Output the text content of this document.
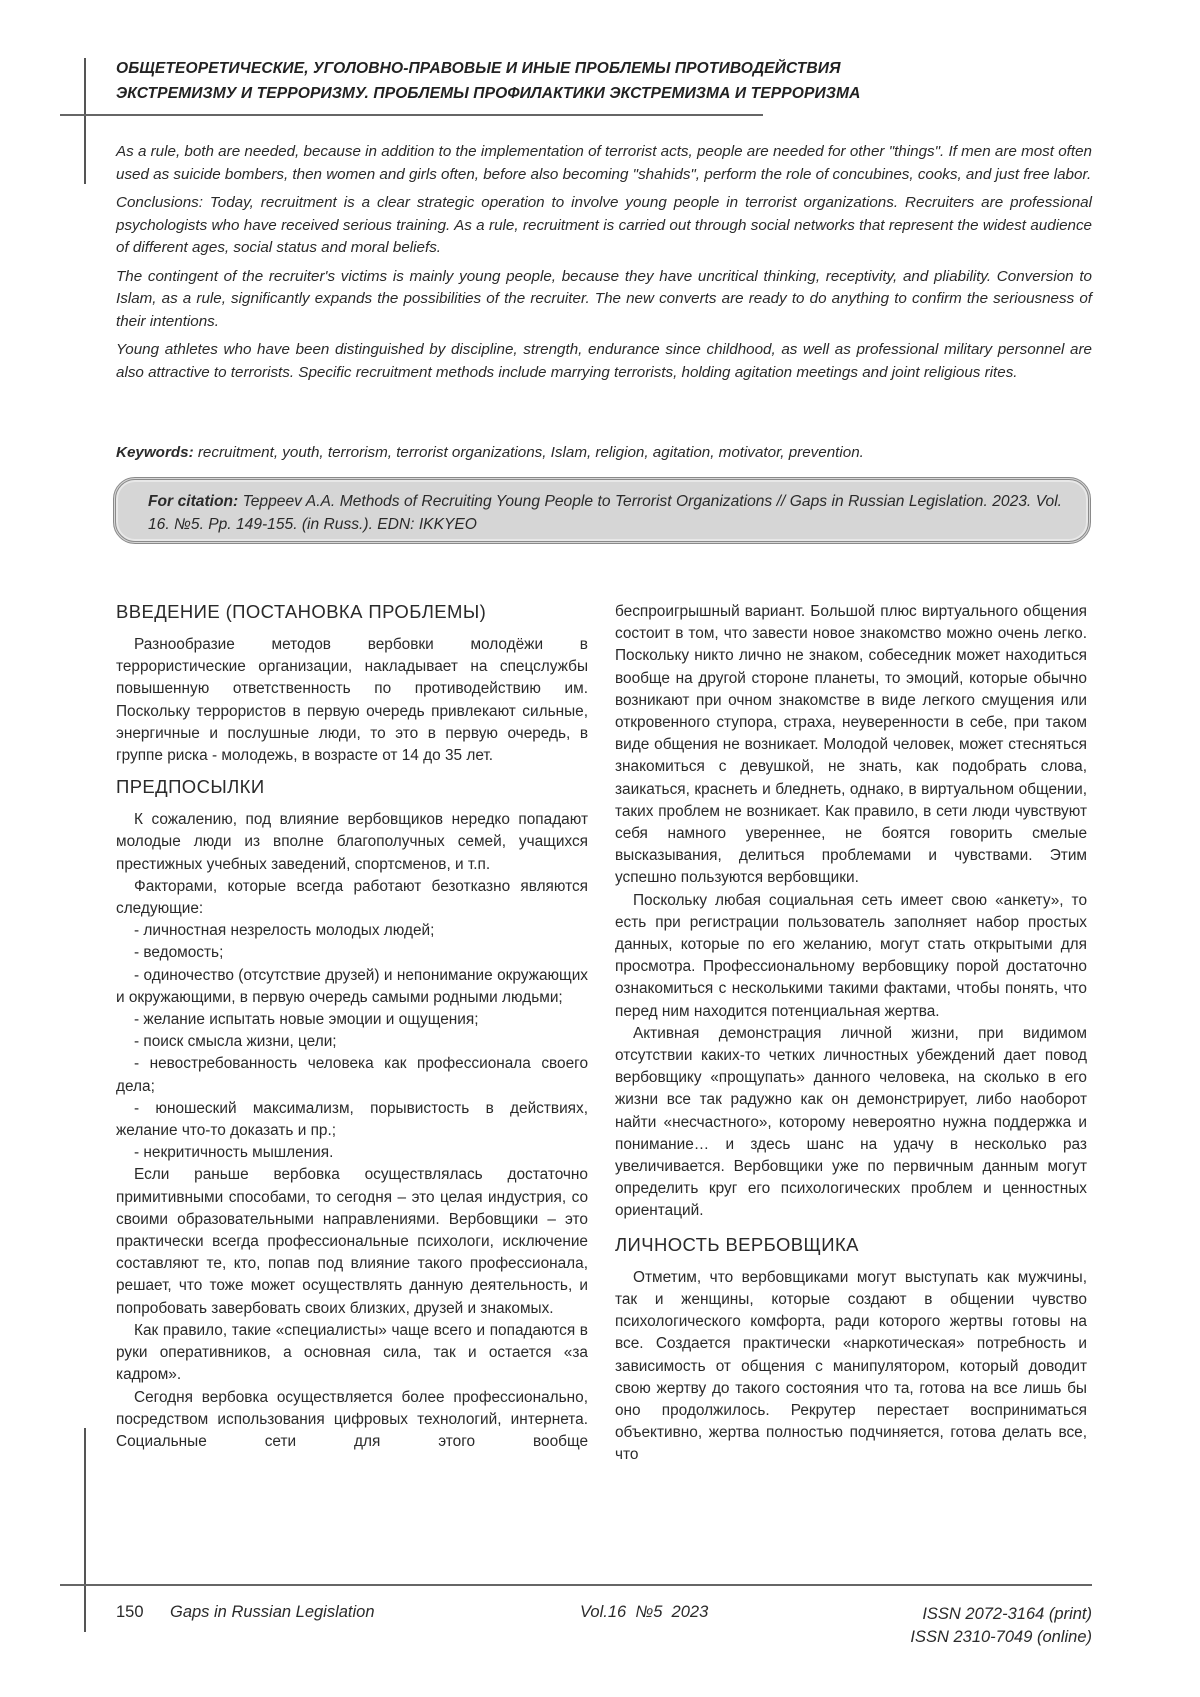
ОБЩЕТЕОРЕТИЧЕСКИЕ, УГОЛОВНО-ПРАВОВЫЕ И ИНЫЕ ПРОБЛЕМЫ ПРОТИВОДЕЙСТВИЯ
ЭКСТРЕМИЗМУ И ТЕРРОРИЗМУ. ПРОБЛЕМЫ ПРОФИЛАКТИКИ ЭКСТРЕМИЗМА И ТЕРРОРИЗМА

As a rule, both are needed, because in addition to the implementation of terrorist acts, people are needed for other "things". If men are most often used as suicide bombers, then women and girls often, before also becoming "shahids", perform the role of concubines, cooks, and just free labor.

Conclusions: Today, recruitment is a clear strategic operation to involve young people in terrorist organizations. Recruiters are professional psychologists who have received serious training. As a rule, recruitment is carried out through social networks that represent the widest audience of different ages, social status and moral beliefs.

The contingent of the recruiter's victims is mainly young people, because they have uncritical thinking, receptivity, and pliability. Conversion to Islam, as a rule, significantly expands the possibilities of the recruiter. The new converts are ready to do anything to confirm the seriousness of their intentions.

Young athletes who have been distinguished by discipline, strength, endurance since childhood, as well as professional military personnel are also attractive to terrorists. Specific recruitment methods include marrying terrorists, holding agitation meetings and joint religious rites.

Keywords: recruitment, youth, terrorism, terrorist organizations, Islam, religion, agitation, motivator, prevention.
For citation: Teppeev A.A. Methods of Recruiting Young People to Terrorist Organizations // Gaps in Russian Legislation. 2023. Vol. 16. №5. Pp. 149-155. (in Russ.). EDN: IKKYEO
ВВЕДЕНИЕ (ПОСТАНОВКА ПРОБЛЕМЫ)

Разнообразие методов вербовки молодёжи в террористические организации, накладывает на спецслужбы повышенную ответственность по противодействию им. Поскольку террористов в первую очередь привлекают сильные, энергичные и послушные люди, то это в первую очередь, в группе риска - молодежь, в возрасте от 14 до 35 лет.

ПРЕДПОСЫЛКИ

К сожалению, под влияние вербовщиков нередко попадают молодые люди из вполне благополучных семей, учащихся престижных учебных заведений, спортсменов, и т.п.

Факторами, которые всегда работают безотказно являются следующие:

- личностная незрелость молодых людей;

- ведомость;

- одиночество (отсутствие друзей) и непонимание окружающих и окружающими, в первую очередь самыми родными людьми;

- желание испытать новые эмоции и ощущения;

- поиск смысла жизни, цели;

- невостребованность человека как профессионала своего дела;

- юношеский максимализм, порывистость в действиях, желание что-то доказать и пр.;

- некритичность мышления.

Если раньше вербовка осуществлялась достаточно примитивными способами, то сегодня – это целая индустрия, со своими образовательными направлениями. Вербовщики – это практически всегда профессиональные психологи, исключение составляют те, кто, попав под влияние такого профессионала, решает, что тоже может осуществлять данную деятельность, и попробовать завербовать своих близких, друзей и знакомых.

Как правило, такие «специалисты» чаще всего и попадаются в руки оперативников, а основная сила, так и остается «за кадром».

Сегодня вербовка осуществляется более профессионально, посредством использования цифровых технологий, интернета. Социальные сети для этого вообще

беспроигрышный вариант. Большой плюс виртуального общения состоит в том, что завести новое знакомство можно очень легко. Поскольку никто лично не знаком, собеседник может находиться вообще на другой стороне планеты, то эмоций, которые обычно возникают при очном знакомстве в виде легкого смущения или откровенного ступора, страха, неуверенности в себе, при таком виде общения не возникает. Молодой человек, может стесняться знакомиться с девушкой, не знать, как подобрать слова, заикаться, краснеть и бледнеть, однако, в виртуальном общении, таких проблем не возникает. Как правило, в сети люди чувствуют себя намного увереннее, не боятся говорить смелые высказывания, делиться проблемами и чувствами. Этим успешно пользуются вербовщики.

Поскольку любая социальная сеть имеет свою «анкету», то есть при регистрации пользователь заполняет набор простых данных, которые по его желанию, могут стать открытыми для просмотра. Профессиональному вербовщику порой достаточно ознакомиться с несколькими такими фактами, чтобы понять, что перед ним находится потенциальная жертва.

Активная демонстрация личной жизни, при видимом отсутствии каких-то четких личностных убеждений дает повод вербовщику «прощупать» данного человека, на сколько в его жизни все так радужно как он демонстрирует, либо наоборот найти «несчастного», которому невероятно нужна поддержка и понимание… и здесь шанс на удачу в несколько раз увеличивается. Вербовщики уже по первичным данным могут определить круг его психологических проблем и ценностных ориентаций.

ЛИЧНОСТЬ ВЕРБОВЩИКА

Отметим, что вербовщиками могут выступать как мужчины, так и женщины, которые создают в общении чувство психологического комфорта, ради которого жертвы готовы на все. Создается практически «наркотическая» потребность и зависимость от общения с манипулятором, который доводит свою жертву до такого состояния что та, готова на все лишь бы оно продолжилось. Рекрутер перестает восприниматься объективно, жертва полностью подчиняется, готова делать все, что

150 Gaps in Russian Legislation	Vol.16  №5  2023	ISSN 2072-3164 (print)
ISSN 2310-7049 (online)
